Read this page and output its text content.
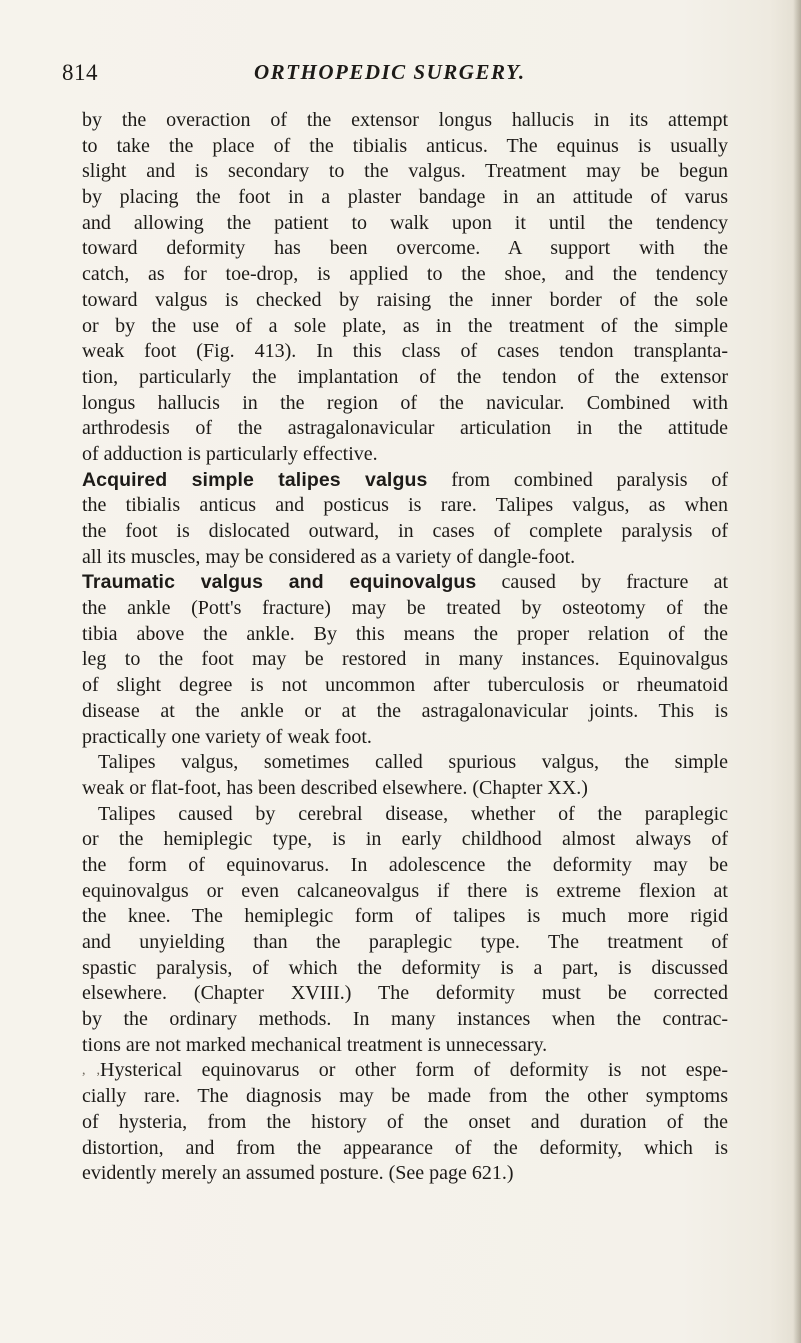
814	ORTHOPEDIC SURGERY.
by the overaction of the extensor longus hallucis in its attempt
to take the place of the tibialis anticus. The equinus is usually
slight and is secondary to the valgus. Treatment may be begun
by placing the foot in a plaster bandage in an attitude of varus
and allowing the patient to walk upon it until the tendency
toward deformity has been overcome. A support with the
catch, as for toe-drop, is applied to the shoe, and the tendency
toward valgus is checked by raising the inner border of the sole
or by the use of a sole plate, as in the treatment of the simple
weak foot (Fig. 413). In this class of cases tendon transplanta-
tion, particularly the implantation of the tendon of the extensor
longus hallucis in the region of the navicular. Combined with
arthrodesis of the astragalonavicular articulation in the attitude
of adduction is particularly effective.
Acquired simple talipes valgus from combined paralysis of
the tibialis anticus and posticus is rare. Talipes valgus, as when
the foot is dislocated outward, in cases of complete paralysis of
all its muscles, may be considered as a variety of dangle-foot.
Traumatic valgus and equinovalgus caused by fracture at
the ankle (Pott's fracture) may be treated by osteotomy of the
tibia above the ankle. By this means the proper relation of the
leg to the foot may be restored in many instances. Equinovalgus
of slight degree is not uncommon after tuberculosis or rheumatoid
disease at the ankle or at the astragalonavicular joints. This is
practically one variety of weak foot.
Talipes valgus, sometimes called spurious valgus, the simple
weak or flat-foot, has been described elsewhere. (Chapter XX.)
Talipes caused by cerebral disease, whether of the paraplegic
or the hemiplegic type, is in early childhood almost always of
the form of equinovarus. In adolescence the deformity may be
equinovalgus or even calcaneovalgus if there is extreme flexion at
the knee. The hemiplegic form of talipes is much more rigid
and unyielding than the paraplegic type. The treatment of
spastic paralysis, of which the deformity is a part, is discussed
elsewhere. (Chapter XVIII.) The deformity must be corrected
by the ordinary methods. In many instances when the contrac-
tions are not marked mechanical treatment is unnecessary.
, ,Hysterical equinovarus or other form of deformity is not espe-
cially rare. The diagnosis may be made from the other symptoms
of hysteria, from the history of the onset and duration of the
distortion, and from the appearance of the deformity, which is
evidently merely an assumed posture. (See page 621.)
